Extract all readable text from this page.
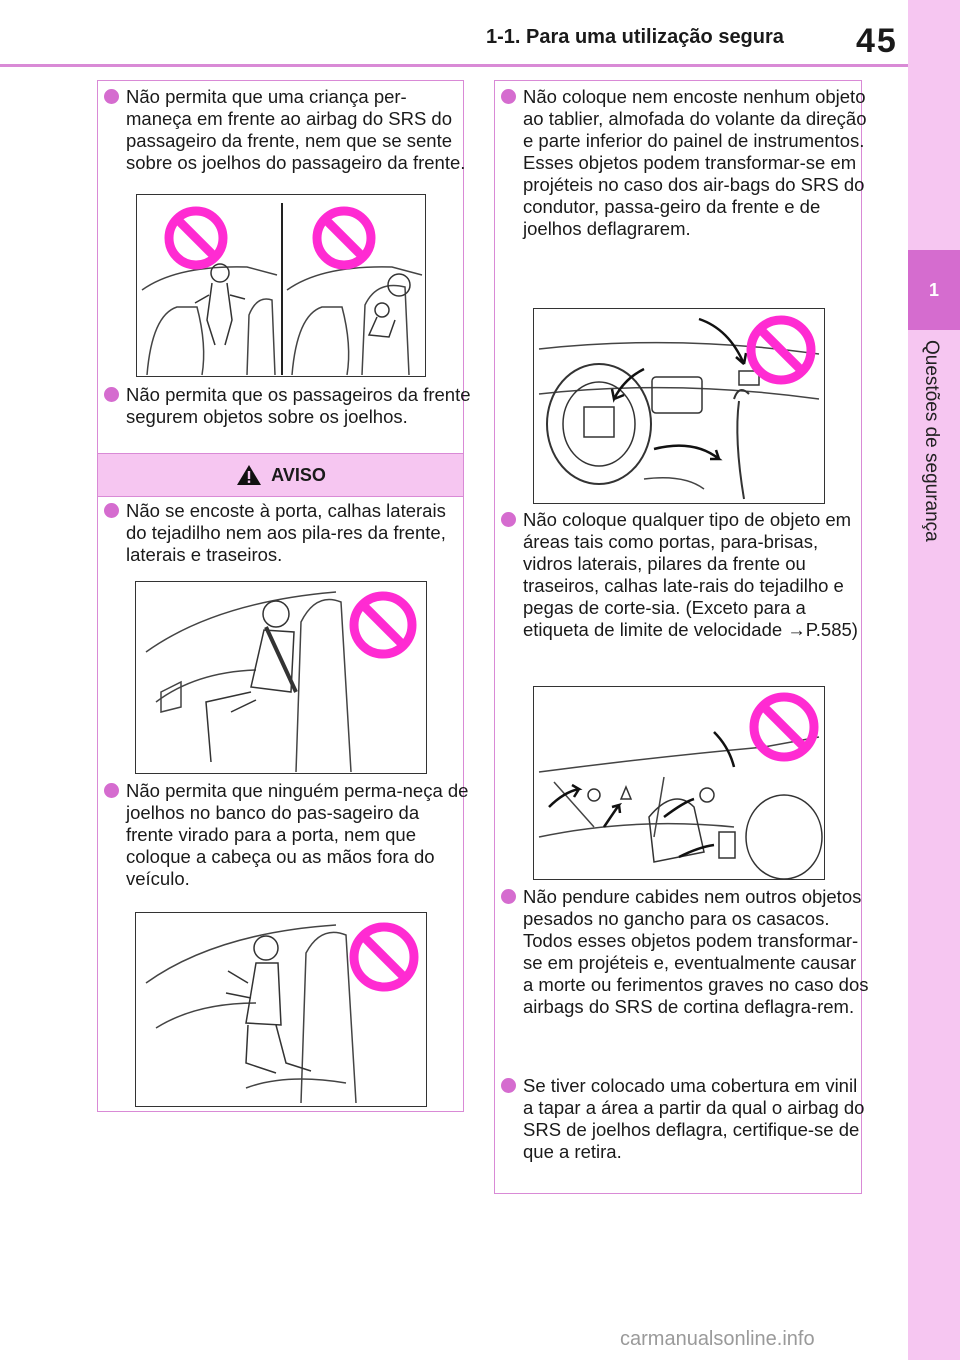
1-1. Para uma utilização segura 45
1
Questões de segurança

Não permita que uma criança per-maneça em frente ao airbag do SRS do passageiro da frente, nem que se sente sobre os joelhos do passageiro da frente.

Não permita que os passageiros da frente segurem objetos sobre os joelhos.

AVISO

Não se encoste à porta, calhas laterais do tejadilho nem aos pila-res da frente, laterais e traseiros.

Não permita que ninguém perma-neça de joelhos no banco do pas-sageiro da frente virado para a porta, nem que coloque a cabeça ou as mãos fora do veículo.

Não coloque nem encoste nenhum objeto ao tablier, almofada do volante da direção e parte inferior do painel de instrumentos. Esses objetos podem transformar-se em projéteis no caso dos air-bags do SRS do condutor, passa-geiro da frente e de joelhos deflagrarem.

Não coloque qualquer tipo de objeto em áreas tais como portas, para-brisas, vidros laterais, pilares da frente ou traseiros, calhas late-rais do tejadilho e pegas de corte-sia. (Exceto para a etiqueta de limite de velocidade →P.585)

Não pendure cabides nem outros objetos pesados no gancho para os casacos. Todos esses objetos podem transformar-se em projéteis e, eventualmente causar a morte ou ferimentos graves no caso dos airbags do SRS de cortina deflagra-rem.

Se tiver colocado uma cobertura em vinil a tapar a área a partir da qual o airbag do SRS de joelhos deflagra, certifique-se de que a retira.

carmanualsonline.info
